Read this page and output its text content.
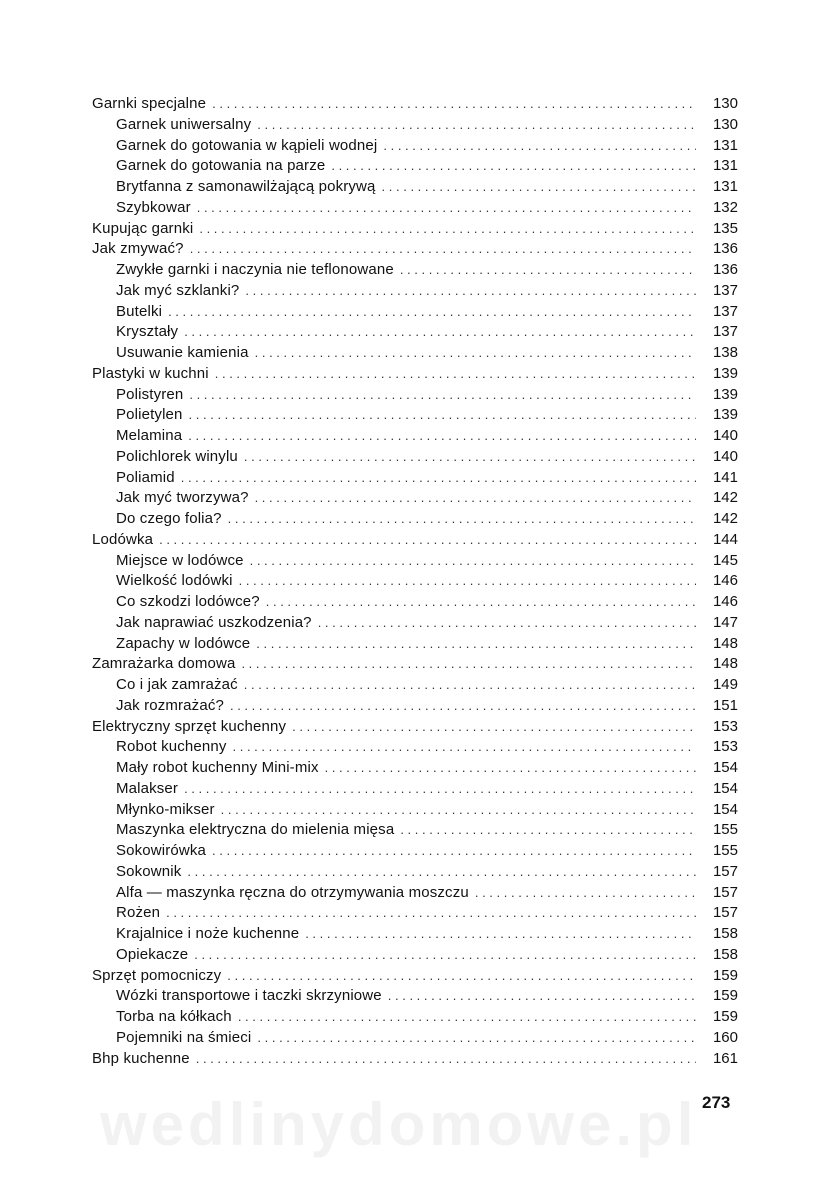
wedlinydomowe.pl
Garnki specjalne . . .	130
Garnek uniwersalny . . .	130
Garnek do gotowania w kąpieli wodnej . . .	131
Garnek do gotowania na parze . . .	131
Brytfanna z samonawilżającą pokrywą . . .	131
Szybkowar . . .	132
Kupując garnki . . .	135
Jak zmywać? . . .	136
Zwykłe garnki i naczynia nie teflonowane . . .	136
Jak myć szklanki? . . .	137
Butelki . . .	137
Kryształy . . .	137
Usuwanie kamienia . . .	138
Plastyki w kuchni . . .	139
Polistyren . . .	139
Polietylen . . .	139
Melamina . . .	140
Polichlorek winylu . . .	140
Poliamid . . .	141
Jak myć tworzywa? . . .	142
Do czego folia? . . .	142
Lodówka . . .	144
Miejsce w lodówce . . .	145
Wielkość lodówki . . .	146
Co szkodzi lodówce? . . .	146
Jak naprawiać uszkodzenia? . . .	147
Zapachy w lodówce . . .	148
Zamrażarka domowa . . .	148
Co i jak zamrażać . . .	149
Jak rozmrażać? . . .	151
Elektryczny sprzęt kuchenny . . .	153
Robot kuchenny . . .	153
Mały robot kuchenny Mini-mix . . .	154
Malakser . . .	154
Młynko-mikser . . .	154
Maszynka elektryczna do mielenia mięsa . . .	155
Sokowirówka . . .	155
Sokownik . . .	157
Alfa — maszynka ręczna do otrzymywania moszczu . . .	157
Rożen . . .	157
Krajalnice i noże kuchenne . . .	158
Opiekacze . . .	158
Sprzęt pomocniczy . . .	159
Wózki transportowe i taczki skrzyniowe . . .	159
Torba na kółkach . . .	159
Pojemniki na śmieci . . .	160
Bhp kuchenne . . .	161
273
